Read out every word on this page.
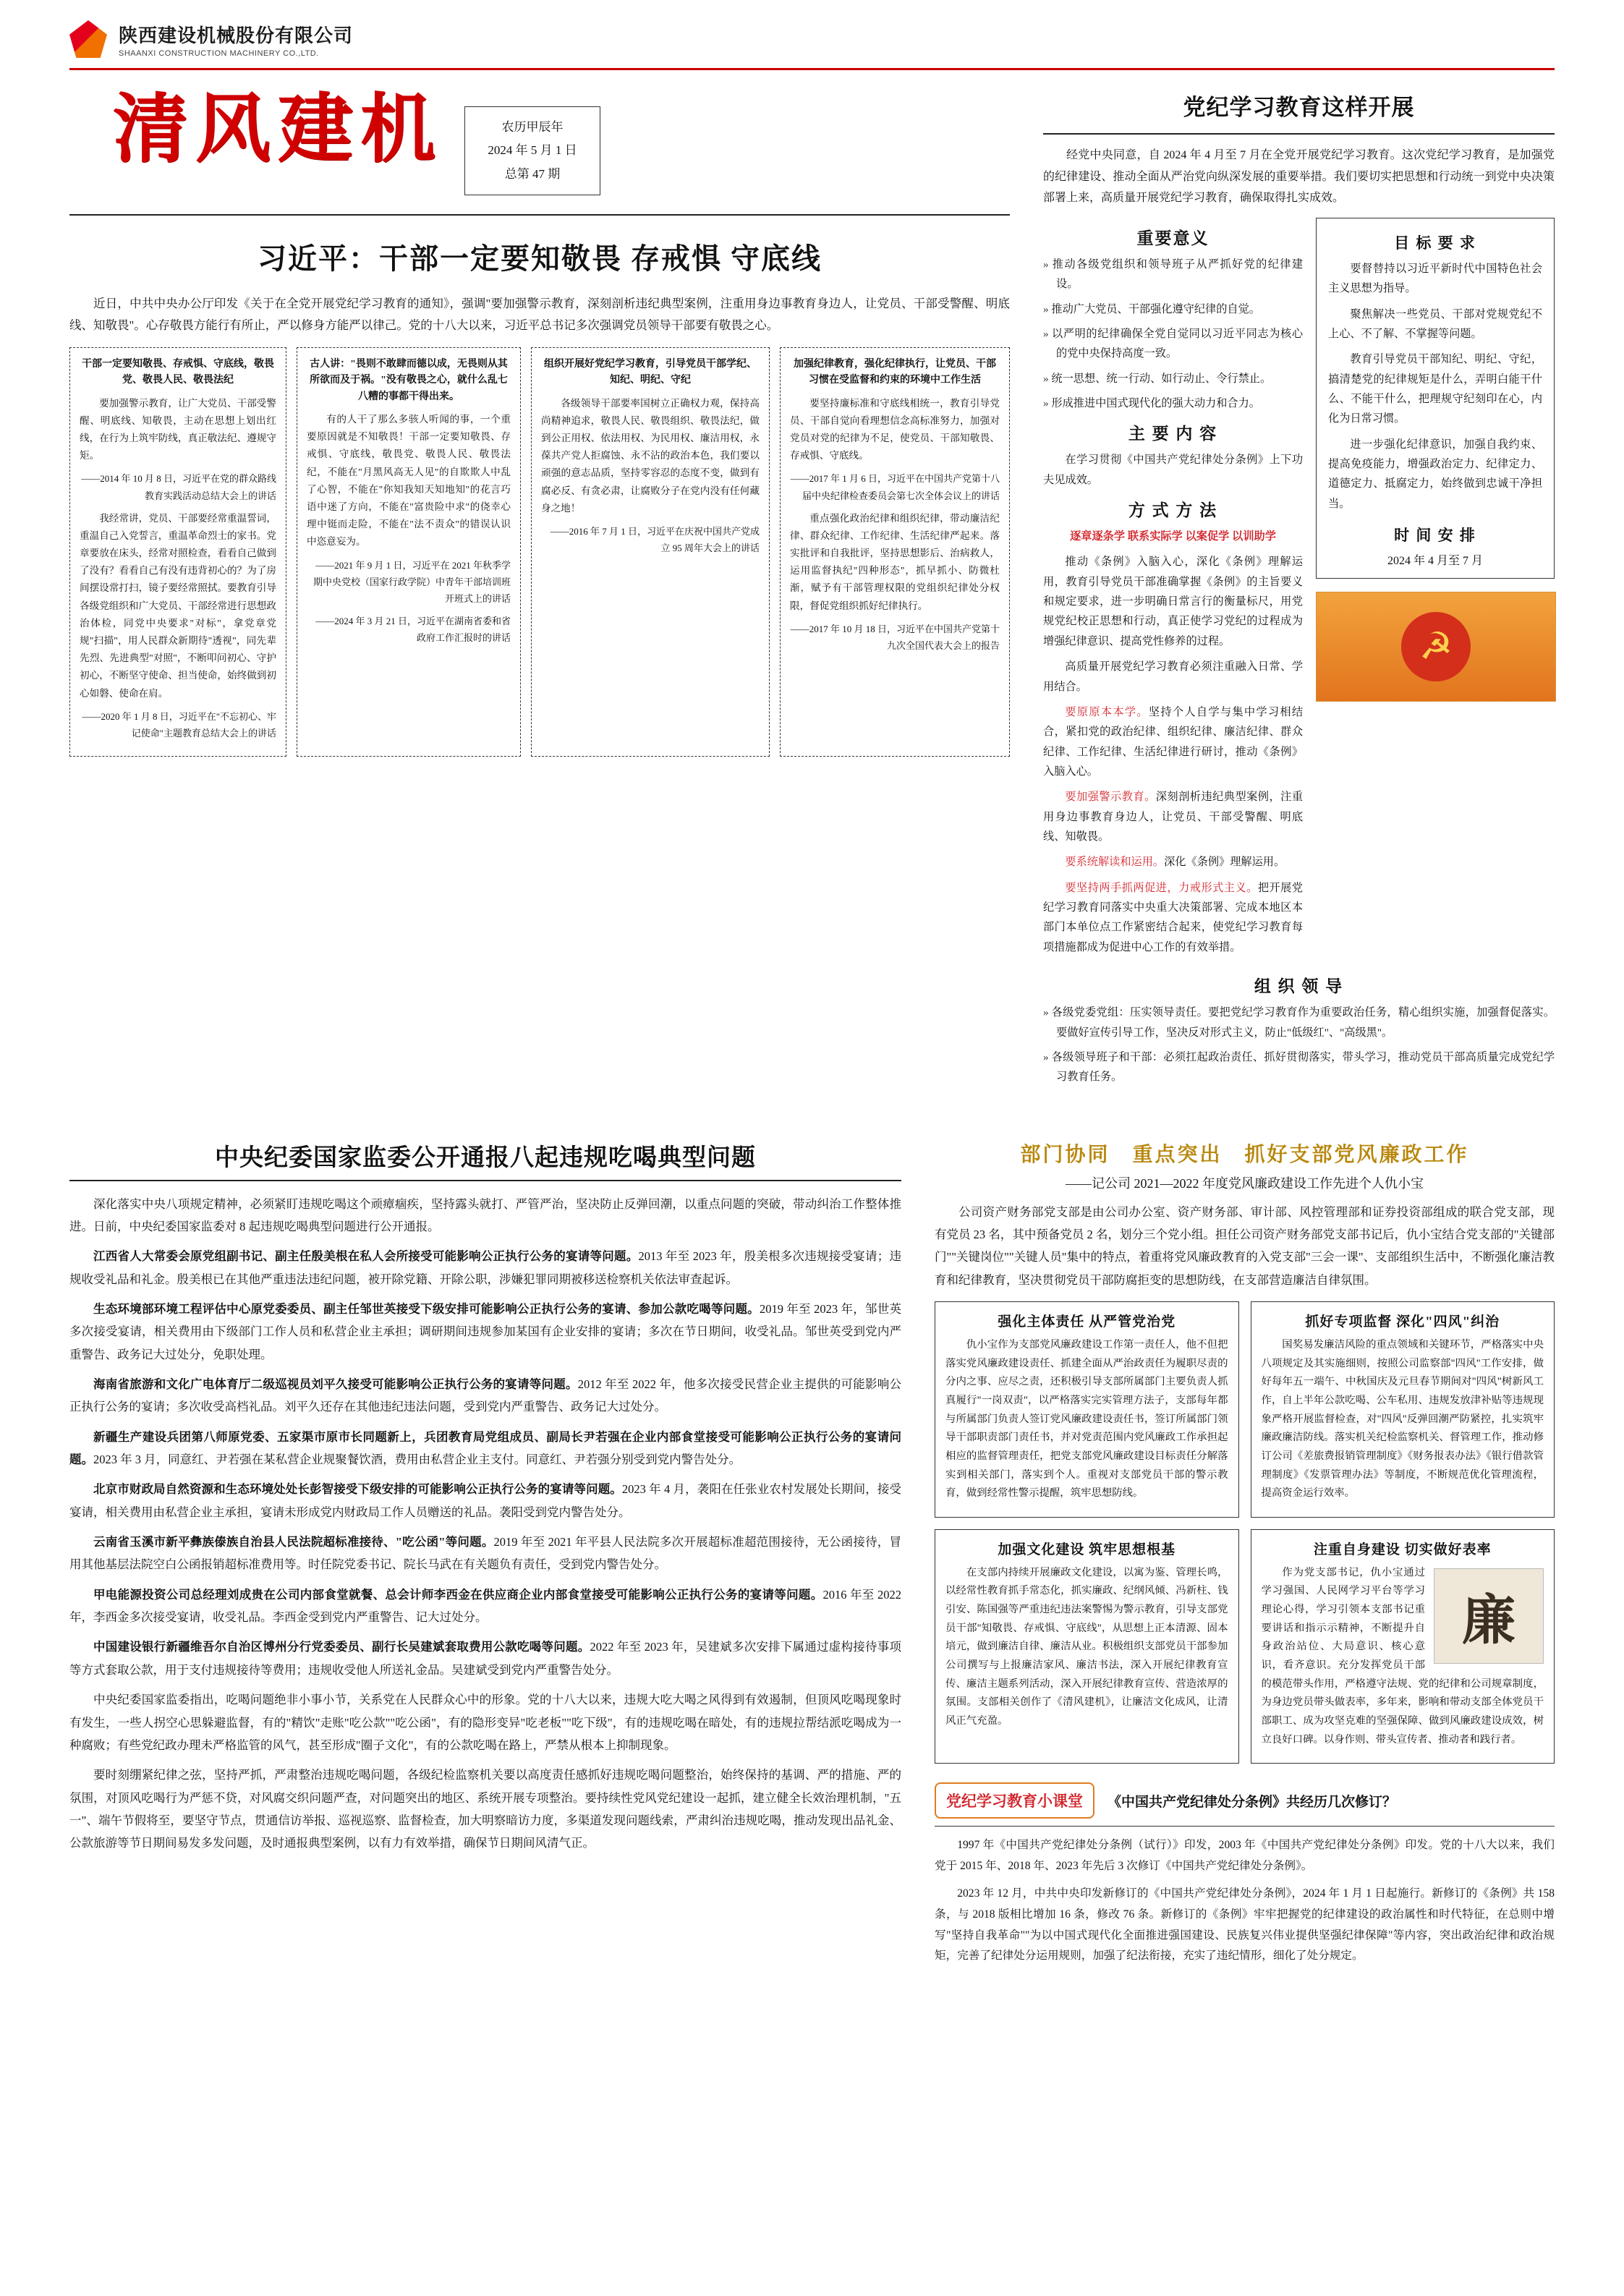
陕西建设机械股份有限公司
SHAANXI CONSTRUCTION MACHINERY CO.,LTD.
清风建机	农历甲辰年
2024 年 5 月 1 日
总第 47 期
习近平：干部一定要知敬畏 存戒惧 守底线
近日，中共中央办公厅印发《关于在全党开展党纪学习教育的通知》，强调"要加强警示教育，深刻剖析违纪典型案例，注重用身边事教育身边人，让党员、干部受警醒、明底线、知敬畏"。心存敬畏方能行有所止，严以修身方能严以律己。党的十八大以来，习近平总书记多次强调党员领导干部要有敬畏之心。
干部一定要知敬畏、存戒惧、守底线，敬畏党、敬畏人民、敬畏法纪

要加强警示教育，让广大党员、干部受警醒、明底线、知敬畏，主动在思想上划出红线，在行为上筑牢防线，真正敬法纪、遵规守矩。

——2014 年 10 月 8 日，习近平在党的群众路线教育实践活动总结大会上的讲话

我经常讲，党员、干部要经常重温誓词，重温自己入党誓言，重温革命烈士的家书。党章要放在床头，经常对照检查，看看自己做到了没有？看看自己有没有违背初心的？为了房间摆设常打扫，镜子要经常照拭。要教育引导各级党组织和广大党员、干部经常进行思想政治体检，同党中央要求"对标"，拿党章党规"扫描"，用人民群众新期待"透视"，同先辈先烈、先进典型"对照"，不断叩问初心、守护初心，不断坚守使命、担当使命，始终做到初心如磐、使命在肩。

——2020 年 1 月 8 日，习近平在"不忘初心、牢记使命"主题教育总结大会上的讲话

古人讲："畏则不敢肆而德以成，无畏则从其所欲而及于祸。"没有敬畏之心，就什么乱七八糟的事都干得出来。

有的人干了那么多骇人听闻的事，一个重要原因就是不知敬畏！干部一定要知敬畏、存戒惧、守底线，敬畏党、敬畏人民、敬畏法纪，不能在"月黑风高无人见"的自欺欺人中乱了心智，不能在"你知我知天知地知"的花言巧语中迷了方向，不能在"富贵险中求"的侥幸心理中铤而走险，不能在"法不责众"的错误认识中恣意妄为。

——2021 年 9 月 1 日，习近平在 2021 年秋季学期中央党校（国家行政学院）中青年干部培训班开班式上的讲话

——2024 年 3 月 21 日，习近平在湖南省委和省政府工作汇报时的讲话

组织开展好党纪学习教育，引导党员干部学纪、知纪、明纪、守纪

各级领导干部要率国树立正确权力观，保持高尚精神追求，敬畏人民、敬畏组织、敬畏法纪，做到公正用权、依法用权、为民用权、廉洁用权，永葆共产党人拒腐蚀、永不沾的政治本色，我们要以顽强的意志品质，坚持零容忍的态度不变，做到有腐必反、有贪必肃，让腐败分子在党内没有任何藏身之地！

——2016 年 7 月 1 日，习近平在庆祝中国共产党成立 95 周年大会上的讲话

加强纪律教育，强化纪律执行，让党员、干部习惯在受监督和约束的环境中工作生活

要坚持廉标准和守底线相统一，教育引导党员、干部自觉向看理想信念高标准努力，加强对党员对党的纪律为不足，使党员、干部知敬畏、存戒惧、守底线。

——2017 年 1 月 6 日，习近平在中国共产党第十八届中央纪律检查委员会第七次全体会议上的讲话

重点强化政治纪律和组织纪律，带动廉洁纪律、群众纪律、工作纪律、生活纪律严起来。落实批评和自我批评，坚持思想影后、治病救人，运用监督执纪"四种形态"，抓早抓小、防微杜渐，赋予有干部管理权限的党组织纪律处分权限，督促党组织抓好纪律执行。

——2017 年 10 月 18 日，习近平在中国共产党第十九次全国代表大会上的报告

党纪学习教育这样开展
经党中央同意，自 2024 年 4 月至 7 月在全党开展党纪学习教育。这次党纪学习教育，是加强党的纪律建设、推动全面从严治党向纵深发展的重要举措。我们要切实把思想和行动统一到党中央决策部署上来，高质量开展党纪学习教育，确保取得扎实成效。
重要意义
» 推动各级党组织和领导班子从严抓好党的纪律建设。
» 推动广大党员、干部强化遵守纪律的自觉。
» 以严明的纪律确保全党自觉同以习近平同志为核心的党中央保持高度一致。
» 统一思想、统一行动、如行动止、令行禁止。
» 形成推进中国式现代化的强大动力和合力。
主 要 内 容
在学习贯彻《中国共产党纪律处分条例》上下功夫见成效。
方 式 方 法
逐章逐条学 联系实际学 以案促学 以训助学
推动《条例》入脑入心，深化《条例》理解运用，教育引导党员干部准确掌握《条例》的主旨要义和规定要求，进一步明确日常言行的衡量标尺，用党规党纪校正思想和行动，真正使学习党纪的过程成为增强纪律意识、提高党性修养的过程。
高质量开展党纪学习教育必须注重融入日常、学用结合。
要原原本本学。坚持个人自学与集中学习相结合，紧扣党的政治纪律、组织纪律、廉洁纪律、群众纪律、工作纪律、生活纪律进行研讨，推动《条例》入脑入心。
要加强警示教育。深刻剖析违纪典型案例，注重用身边事教育身边人，让党员、干部受警醒、明底线、知敬畏。
要系统解读和运用。深化《条例》理解运用。
要坚持两手抓两促进，力戒形式主义。把开展党纪学习教育同落实中央重大决策部署、完成本地区本部门本单位点工作紧密结合起来，使党纪学习教育每项措施都成为促进中心工作的有效举措。
目 标 要 求
要督替持以习近平新时代中国特色社会主义思想为指导。
聚焦解决一些党员、干部对党规党纪不上心、不了解、不掌握等问题。
教育引导党员干部知纪、明纪、守纪，搞清楚党的纪律规矩是什么，弄明白能干什么、不能干什么，把理规守纪刻印在心，内化为日常习惯。
进一步强化纪律意识，加强自我约束、提高免疫能力，增强政治定力、纪律定力、道德定力、抵腐定力，始终做到忠诚干净担当。
时 间 安 排
2024 年 4 月至 7 月
☭
组 织 领 导
» 各级党委党组：压实领导责任。要把党纪学习教育作为重要政治任务，精心组织实施，加强督促落实。要做好宣传引导工作，坚决反对形式主义，防止"低级红"、"高级黑"。
» 各级领导班子和干部：必须扛起政治责任、抓好贯彻落实，带头学习，推动党员干部高质量完成党纪学习教育任务。
中央纪委国家监委公开通报八起违规吃喝典型问题
深化落实中央八项规定精神，必须紧盯违规吃喝这个顽瘴痼疾，坚持露头就打、严管严治，坚决防止反弹回潮，以重点问题的突破，带动纠治工作整体推进。日前，中央纪委国家监委对 8 起违规吃喝典型问题进行公开通报。
江西省人大常委会原党组副书记、副主任殷美根在私人会所接受可能影响公正执行公务的宴请等问题。2013 年至 2023 年，殷美根多次违规接受宴请；违规收受礼品和礼金。殷美根已在其他严重违法违纪问题，被开除党籍、开除公职，涉嫌犯罪同期被移送检察机关依法审查起诉。
生态环境部环境工程评估中心原党委委员、副主任邹世英接受下级安排可能影响公正执行公务的宴请、参加公款吃喝等问题。2019 年至 2023 年，邹世英多次接受宴请，相关费用由下级部门工作人员和私营企业主承担；调研期间违规参加某国有企业安排的宴请；多次在节日期间，收受礼品。邹世英受到党内严重警告、政务记大过处分，免职处理。
海南省旅游和文化广电体育厅二级巡视员刘平久接受可能影响公正执行公务的宴请等问题。2012 年至 2022 年，他多次接受民营企业主提供的可能影响公正执行公务的宴请；多次收受高档礼品。刘平久还存在其他违纪违法问题，受到党内严重警告、政务记大过处分。
新疆生产建设兵团第八师原党委、五家渠市原市长同题新上，兵团教育局党组成员、副局长尹若强在企业内部食堂接受可能影响公正执行公务的宴请问题。2023 年 3 月，同意红、尹若强在某私营企业规聚餐饮酒，费用由私营企业主支付。同意红、尹若强分别受到党内警告处分。
北京市财政局自然资源和生态环境处处长彭智接受下级安排的可能影响公正执行公务的宴请等问题。2023 年 4 月，袭阳在任张业农村发展处长期间，接受宴请，相关费用由私营企业主承担，宴请未形成党内财政局工作人员赠送的礼品。袭阳受到党内警告处分。
云南省玉溪市新平彝族傣族自治县人民法院超标准接待、"吃公函"等问题。2019 年至 2021 年平县人民法院多次开展超标准超范围接待，无公函接待，冒用其他基层法院空白公函报销超标准费用等。时任院党委书记、院长马武在有关题负有责任，受到党内警告处分。
甲电能源投资公司总经理刘成贵在公司内部食堂就餐、总会计师李西金在供应商企业内部食堂接受可能影响公正执行公务的宴请等问题。2016 年至 2022 年，李西金多次接受宴请，收受礼品。李西金受到党内严重警告、记大过处分。
中国建设银行新疆维吾尔自治区博州分行党委委员、副行长吴建斌套取费用公款吃喝等问题。2022 年至 2023 年，吴建斌多次安排下属通过虚构接待事项等方式套取公款，用于支付违规接待等费用；违规收受他人所送礼金品。吴建斌受到党内严重警告处分。
中央纪委国家监委指出，吃喝问题绝非小事小节，关系党在人民群众心中的形象。党的十八大以来，违规大吃大喝之风得到有效遏制，但顶风吃喝现象时有发生，一些人拐空心思躲避监督，有的"精饮"走账"吃公款""吃公函"，有的隐形变异"吃老板""吃下级"，有的违规吃喝在暗处，有的违规拉帮结派吃喝成为一种腐败；有些党纪政办理未严格监管的风气，甚至形成"圈子文化"，有的公款吃喝在路上，严禁从根本上抑制现象。
要时刻绷紧纪律之弦，坚持严抓，严肃整治违规吃喝问题，各级纪检监察机关要以高度责任感抓好违规吃喝问题整治，始终保持的基调、严的措施、严的氛围，对顶风吃喝行为严惩不贷，对风腐交织问题严查，对问题突出的地区、系统开展专项整治。要持续性党风党纪建设一起抓，建立健全长效治理机制，"五一"、端午节假将至，要坚守节点，贯通信访举报、巡视巡察、监督检查，加大明察暗访力度，多渠道发现问题线索，严肃纠治违规吃喝，推动发现出品礼金、公款旅游等节日期间易发多发问题，及时通报典型案例，以有力有效举措，确保节日期间风清气正。
部门协同　重点突出　抓好支部党风廉政工作
——记公司 2021—2022 年度党风廉政建设工作先进个人仇小宝
公司资产财务部党支部是由公司办公室、资产财务部、审计部、风控管理部和证券投资部组成的联合党支部，现有党员 23 名，其中预备党员 2 名，划分三个党小组。担任公司资产财务部党支部书记后，仇小宝结合党支部的"关键部门""关键岗位""关键人员"集中的特点，着重将党风廉政教育的入党支部"三会一课"、支部组织生活中，不断强化廉洁教育和纪律教育，坚决贯彻党员干部防腐拒变的思想防线，在支部营造廉洁自律氛围。
强化主体责任 从严管党治党

仇小宝作为支部党风廉政建设工作第一责任人，他不但把落实党风廉政建设责任、抓建全面从严治政责任为履职尽责的分内之事、应尽之责，还积极引导支部所属部门主要负责人抓真履行"一岗双责"，以严格落实完实管理方法子，支部每年都与所属部门负责人签订党风廉政建设责任书，签订所属部门领导干部职责部门责任书，并对党责范围内党风廉政工作承担起相应的监督管理责任，把党支部党风廉政建设目标责任分解落实到相关部门，落实到个人。重视对支部党员干部的警示教育，做到经常性警示提醒，筑牢思想防线。

抓好专项监督 深化"四风"纠治

国奖易发廉洁风险的重点领域和关键环节，严格落实中央八项规定及其实施细则，按照公司监察部"四风"工作安排，做好每年五一端午、中秋国庆及元旦春节期间对"四风"树新风工作，自上半年公款吃喝、公车私用、违规发放津补贴等违规现象严格开展监督检查，对"四风"反弹回潮严防紧控，扎实筑牢廉政廉洁防线。落实机关纪检监察机关、督管理工作，推动修订公司《差旅费报销管理制度》《财务报表办法》《银行借款管理制度》《发票管理办法》等制度，不断规范优化管理流程，提高资金运行效率。

加强文化建设 筑牢思想根基

在支部内持续开展廉政文化建设，以寓为鉴、管理长鸣，以经常性教育抓手常态化，抓实廉政、纪纲风倾、冯新柱、钱引安、陈国强等严重违纪违法案警惕为警示教育，引导支部党员干部"知敬畏、存戒惧、守底线"，从思想上正本清源、固本培元，做到廉洁自律、廉洁从业。积极组织支部党员干部参加公司撰写与上报廉洁家风、廉洁书法，深入开展纪律教育宣传、廉洁主题系列活动，深入开展纪律教育宣传、营造浓厚的氛围。支部相关创作了《清风建机》，让廉洁文化成风，让清风正气充盈。

注重自身建设 切实做好表率
廉

作为党支部书记，仇小宝通过学习强国、人民网学习平台等学习理论心得，学习引领本支部书记重要讲话和指示示精神，不断提升自身政治站位、大局意识、核心意识，看齐意识。充分发挥党员干部的模范带头作用，严格遵守法规、党的纪律和公司规章制度，为身边党员带头做表率，多年来，影响和带动支部全体党员干部职工、成为攻坚克难的坚强保障、做到风廉政建设成效，树立良好口碑。以身作则、带头宣传者、推动者和践行者。

党纪学习教育小课堂	《中国共产党纪律处分条例》共经历几次修订？
1997 年《中国共产党纪律处分条例（试行）》印发，2003 年《中国共产党纪律处分条例》印发。党的十八大以来，我们党于 2015 年、2018 年、2023 年先后 3 次修订《中国共产党纪律处分条例》。
2023 年 12 月，中共中央印发新修订的《中国共产党纪律处分条例》，2024 年 1 月 1 日起施行。新修订的《条例》共 158 条，与 2018 版相比增加 16 条，修改 76 条。新修订的《条例》牢牢把握党的纪律建设的政治属性和时代特征，在总则中增写"坚持自我革命""为以中国式现代化全面推进强国建设、民族复兴伟业提供坚强纪律保障"等内容，突出政治纪律和政治规矩，完善了纪律处分运用规则，加强了纪法衔接，充实了违纪情形，细化了处分规定。
